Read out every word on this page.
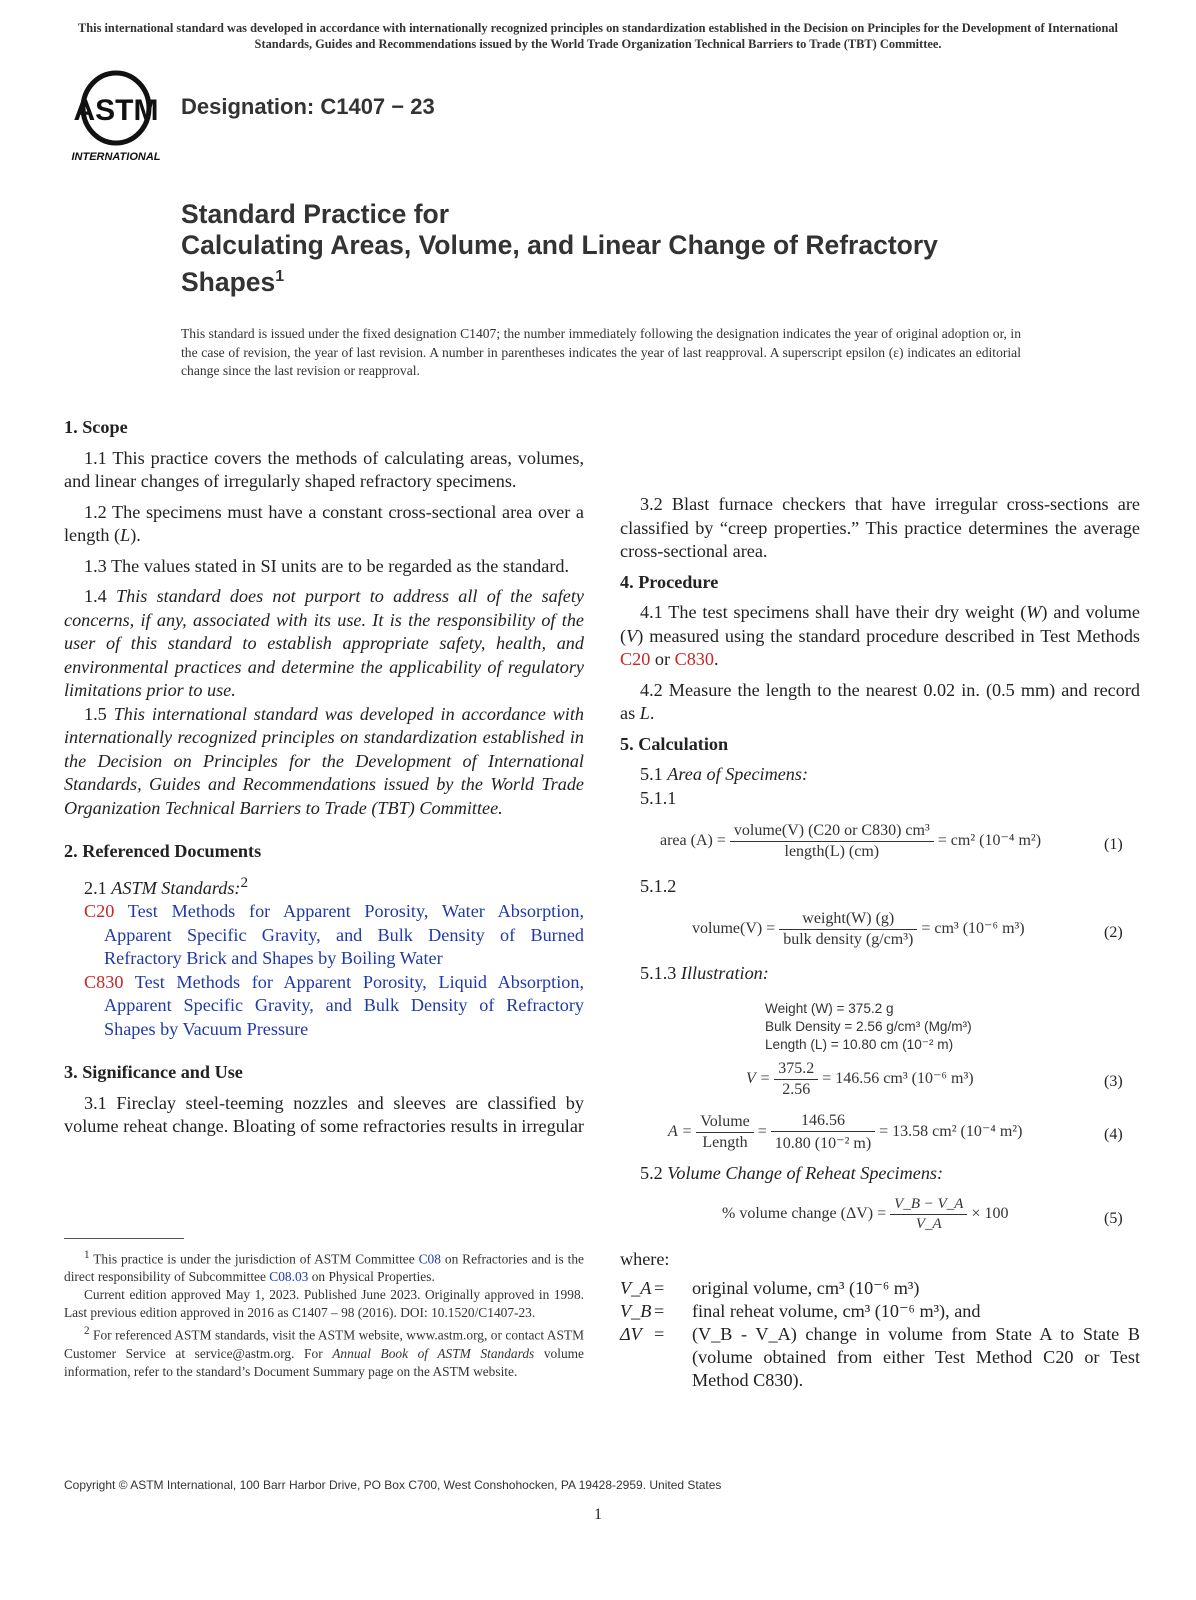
This international standard was developed in accordance with internationally recognized principles on standardization established in the Decision on Principles for the Development of International Standards, Guides and Recommendations issued by the World Trade Organization Technical Barriers to Trade (TBT) Committee.
ASTM
INTERNATIONAL
Designation: C1407 − 23
Standard Practice for
Calculating Areas, Volume, and Linear Change of Refractory
Shapes$^1$
This standard is issued under the fixed designation C1407; the number immediately following the designation indicates the year of original adoption or, in the case of revision, the year of last revision. A number in parentheses indicates the year of last reapproval. A superscript epsilon (ε) indicates an editorial change since the last revision or reapproval.
1. Scope
1.1 This practice covers the methods of calculating areas, volumes, and linear changes of irregularly shaped refractory specimens.
1.2 The specimens must have a constant cross-sectional area over a length (L).
1.3 The values stated in SI units are to be regarded as the standard.
1.4 This standard does not purport to address all of the safety concerns, if any, associated with its use. It is the responsibility of the user of this standard to establish appropriate safety, health, and environmental practices and determine the applicability of regulatory limitations prior to use.
1.5 This international standard was developed in accordance with internationally recognized principles on standardization established in the Decision on Principles for the Development of International Standards, Guides and Recommendations issued by the World Trade Organization Technical Barriers to Trade (TBT) Committee.
2. Referenced Documents
2.1 ASTM Standards:$^2$
C20 Test Methods for Apparent Porosity, Water Absorption, Apparent Specific Gravity, and Bulk Density of Burned Refractory Brick and Shapes by Boiling Water
C830 Test Methods for Apparent Porosity, Liquid Absorption, Apparent Specific Gravity, and Bulk Density of Refractory Shapes by Vacuum Pressure
3. Significance and Use
3.1 Fireclay steel-teeming nozzles and sleeves are classified by volume reheat change. Bloating of some refractories results in irregular
3.2 Blast furnace checkers that have irregular cross-sections are classified by “creep properties.” This practice determines the average cross-sectional area.
4. Procedure
4.1 The test specimens shall have their dry weight (W) and volume (V) measured using the standard procedure described in Test Methods C20 or C830.
4.2 Measure the length to the nearest 0.02 in. (0.5 mm) and record as L.
5. Calculation
5.1 Area of Specimens:
5.1.1
5.1.2
5.1.3 Illustration:
5.2 Volume Change of Reheat Specimens:
area $(A) = \frac{\text{volume(V) (C20 or C830) cm³}}{\text{length(L) (cm)}} = cm^2$ (10⁻⁴ m²)	(1)
volume(V) = $\frac{\text{weight(W) (g)}}{\text{bulk density (g/cm³)}} = cm^3$ (10⁻⁶ m³)	(2)
Weight (W) = 375.2 g
Bulk Density = 2.56 g/cm³ (Mg/m³)
Length (L) = 10.80 cm (10⁻² m)
$V = \frac{375.2}{2.56} = 146.56$ cm³ (10⁻⁶ m³)	(3)
$A = \frac{\text{Volume}}{\text{Length}} = \frac{146.56}{\text{10.80 (10⁻² m)}} = 13.58$ cm² (10⁻⁴ m²)	(4)
% volume change $(\Delta V) = \frac{V\_B - V\_A}{V\_A} \times 100$	(5)
where:
V_A =	original volume, cm³ (10⁻⁶ m³)
V_B =	final reheat volume, cm³ (10⁻⁶ m³), and
ΔV =	(V_B - V_A) change in volume from State A to State B (volume obtained from either Test Method C20 or Test Method C830).
$^1$ This practice is under the jurisdiction of ASTM Committee C08 on Refractories and is the direct responsibility of Subcommittee C08.03 on Physical Properties.
Current edition approved May 1, 2023. Published June 2023. Originally approved in 1998. Last previous edition approved in 2016 as C1407 – 98 (2016). DOI: 10.1520/C1407-23.
$^2$ For referenced ASTM standards, visit the ASTM website, www.astm.org, or contact ASTM Customer Service at service@astm.org. For Annual Book of ASTM Standards volume information, refer to the standard’s Document Summary page on the ASTM website.
Copyright © ASTM International, 100 Barr Harbor Drive, PO Box C700, West Conshohocken, PA 19428-2959. United States
1
